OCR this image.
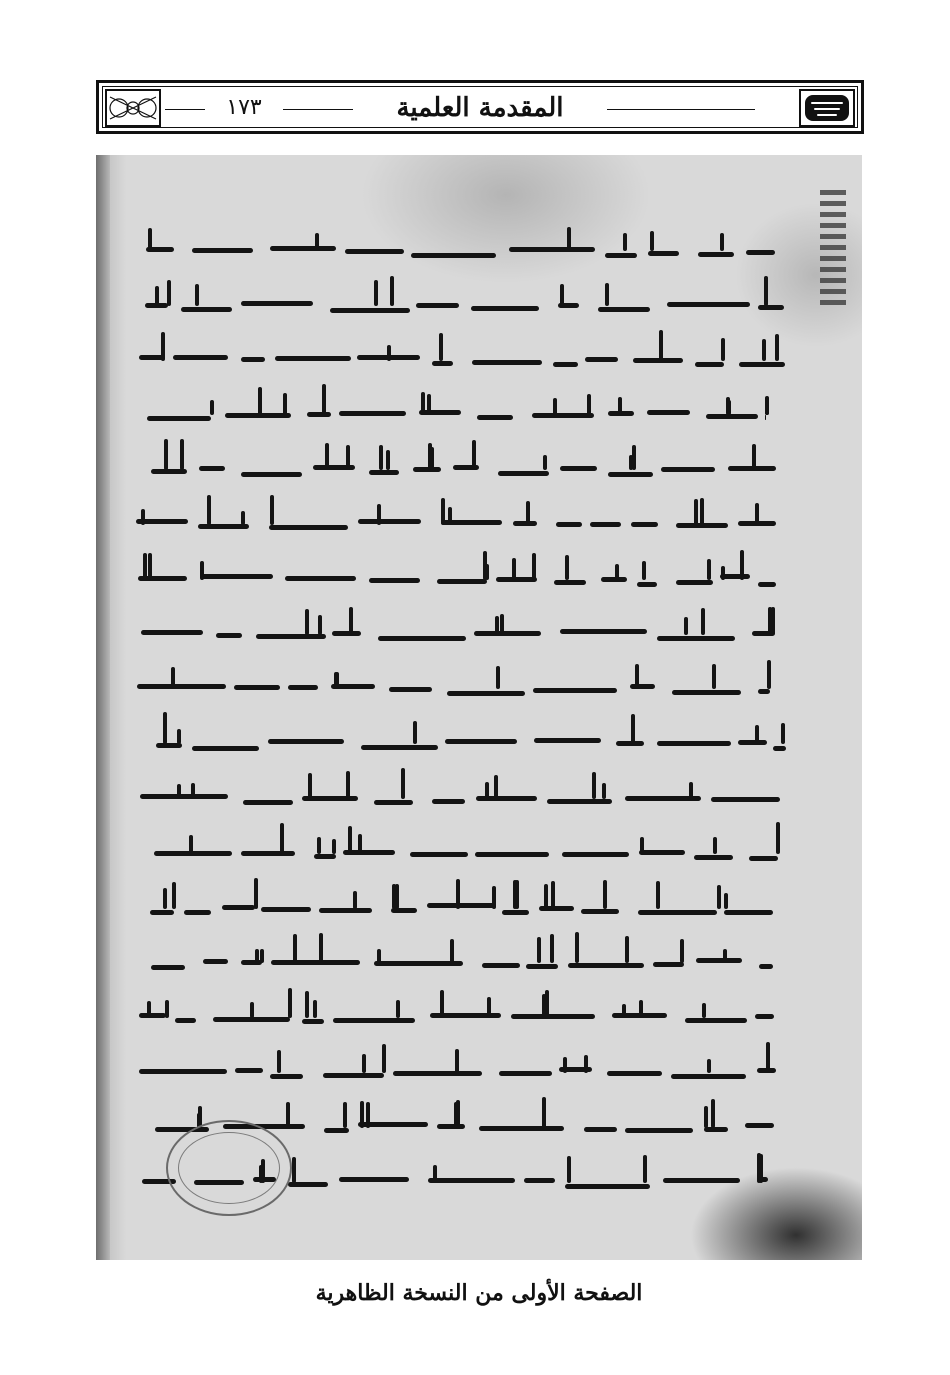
١٧٣	المقدمة العلمية
الصفحة الأولى من النسخة الظاهرية
